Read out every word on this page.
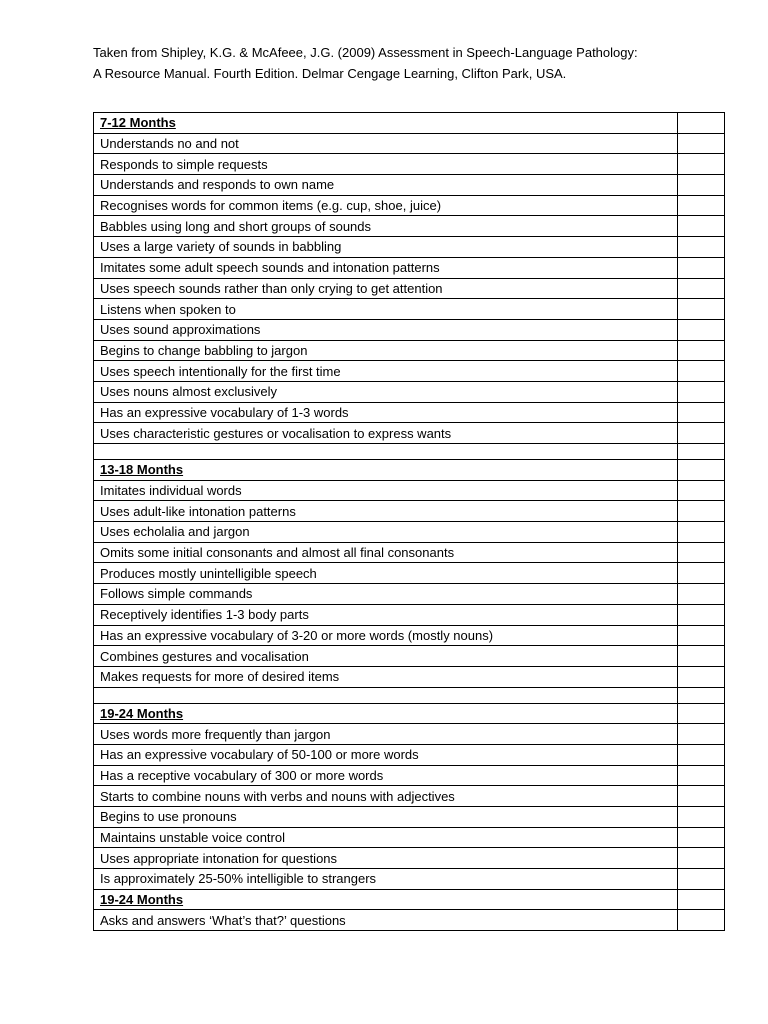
Taken from Shipley, K.G. & McAfeee, J.G. (2009) Assessment in Speech-Language Pathology:

A Resource Manual. Fourth Edition. Delmar Cengage Learning, Clifton Park, USA.

7-12 Months	
Understands no and not	
Responds to simple requests	
Understands and responds to own name	
Recognises words for common items (e.g. cup, shoe, juice)	
Babbles using long and short groups of sounds	
Uses a large variety of sounds in babbling	
Imitates some adult speech sounds and intonation patterns	
Uses speech sounds rather than only crying to get attention	
Listens when spoken to	
Uses sound approximations	
Begins to change babbling to jargon	
Uses speech intentionally for the first time	
Uses nouns almost exclusively	
Has an expressive vocabulary of 1-3 words	
Uses characteristic gestures or vocalisation to express wants	

13-18 Months	
Imitates individual words	
Uses adult-like intonation patterns	
Uses echolalia and jargon	
Omits some initial consonants and almost all final consonants	
Produces mostly unintelligible speech	
Follows simple commands	
Receptively identifies 1-3 body parts	
Has an expressive vocabulary of 3-20 or more words (mostly nouns)	
Combines gestures and vocalisation	
Makes requests for more of desired items	

19-24 Months	
Uses words more frequently than jargon	
Has an expressive vocabulary of 50-100 or more words	
Has a receptive vocabulary of 300 or more words	
Starts to combine nouns with verbs and nouns with adjectives	
Begins to use pronouns	
Maintains unstable voice control	
Uses appropriate intonation for questions	
Is approximately 25-50% intelligible to strangers	
19-24 Months	
Asks and answers ‘What’s that?’ questions	
